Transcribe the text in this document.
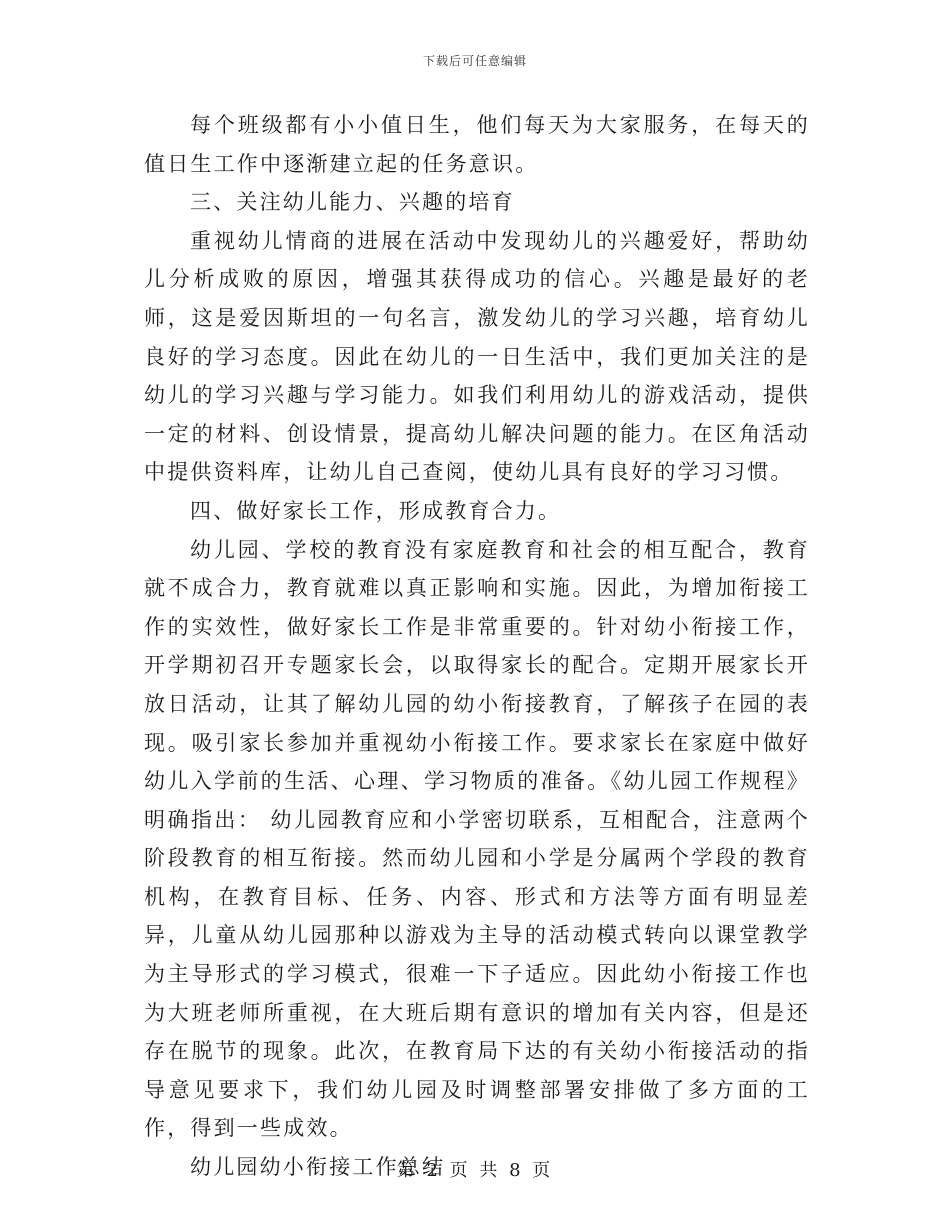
下载后可任意编辑

每个班级都有小小值日生，他们每天为大家服务，在每天的值日生工作中逐渐建立起的任务意识。

三、关注幼儿能力、兴趣的培育

重视幼儿情商的进展在活动中发现幼儿的兴趣爱好，帮助幼儿分析成败的原因，增强其获得成功的信心。兴趣是最好的老师，这是爱因斯坦的一句名言，激发幼儿的学习兴趣，培育幼儿良好的学习态度。因此在幼儿的一日生活中，我们更加关注的是幼儿的学习兴趣与学习能力。如我们利用幼儿的游戏活动，提供一定的材料、创设情景，提高幼儿解决问题的能力。在区角活动中提供资料库，让幼儿自己查阅，使幼儿具有良好的学习习惯。

四、做好家长工作，形成教育合力。

幼儿园、学校的教育没有家庭教育和社会的相互配合，教育就不成合力，教育就难以真正影响和实施。因此，为增加衔接工作的实效性，做好家长工作是非常重要的。针对幼小衔接工作，开学期初召开专题家长会，以取得家长的配合。定期开展家长开放日活动，让其了解幼儿园的幼小衔接教育，了解孩子在园的表现。吸引家长参加并重视幼小衔接工作。要求家长在家庭中做好幼儿入学前的生活、心理、学习物质的准备。《幼儿园工作规程》明确指出： 幼儿园教育应和小学密切联系，互相配合，注意两个阶段教育的相互衔接。然而幼儿园和小学是分属两个学段的教育机构，在教育目标、任务、内容、形式和方法等方面有明显差异，儿童从幼儿园那种以游戏为主导的活动模式转向以课堂教学为主导形式的学习模式，很难一下子适应。因此幼小衔接工作也为大班老师所重视，在大班后期有意识的增加有关内容，但是还存在脱节的现象。此次，在教育局下达的有关幼小衔接活动的指导意见要求下，我们幼儿园及时调整部署安排做了多方面的工作，得到一些成效。

幼儿园幼小衔接工作总结

第 2 页 共 8 页
